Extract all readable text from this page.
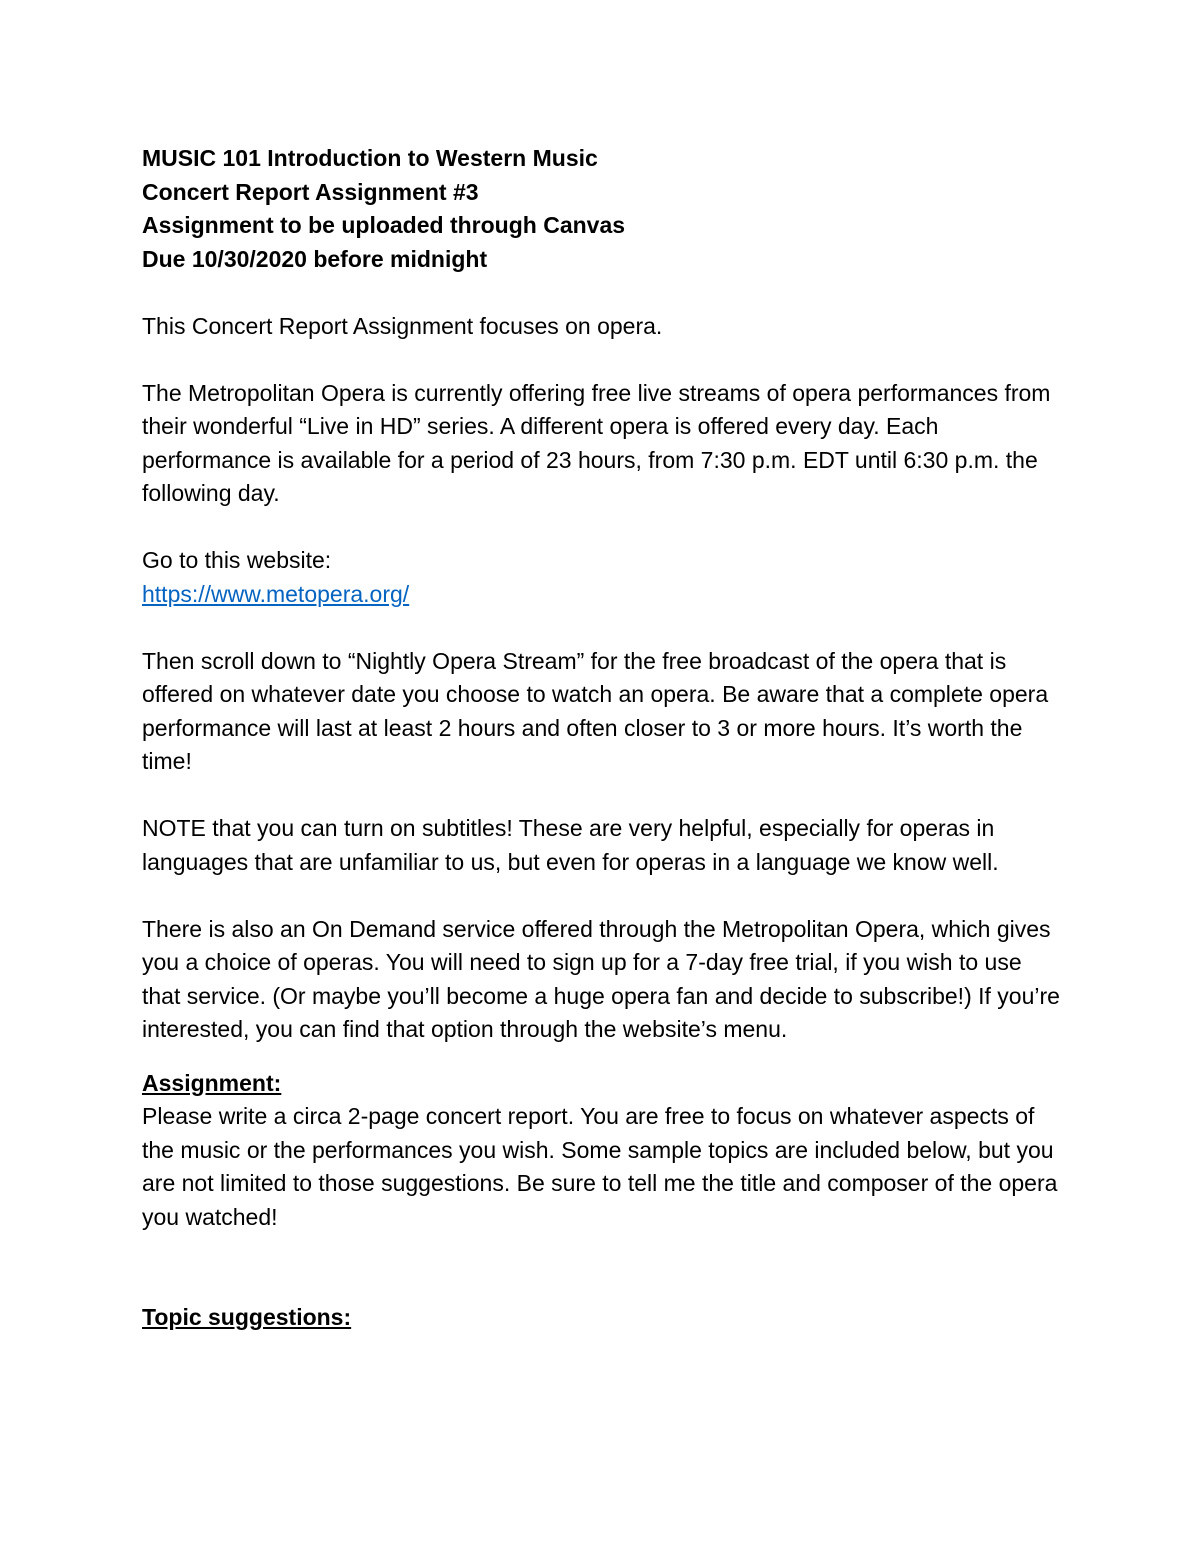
MUSIC 101 Introduction to Western Music

Concert Report Assignment #3

Assignment to be uploaded through Canvas

Due 10/30/2020 before midnight

This Concert Report Assignment focuses on opera.

The Metropolitan Opera is currently offering free live streams of opera performances from their wonderful “Live in HD” series. A different opera is offered every day. Each performance is available for a period of 23 hours, from 7:30 p.m. EDT until 6:30 p.m. the following day.

Go to this website:

https://www.metopera.org/

Then scroll down to “Nightly Opera Stream” for the free broadcast of the opera that is offered on whatever date you choose to watch an opera. Be aware that a complete opera performance will last at least 2 hours and often closer to 3 or more hours. It’s worth the time!

NOTE that you can turn on subtitles! These are very helpful, especially for operas in languages that are unfamiliar to us, but even for operas in a language we know well.

There is also an On Demand service offered through the Metropolitan Opera, which gives you a choice of operas. You will need to sign up for a 7-day free trial, if you wish to use that service. (Or maybe you’ll become a huge opera fan and decide to subscribe!) If you’re interested, you can find that option through the website’s menu.

Assignment:

Please write a circa 2-page concert report. You are free to focus on whatever aspects of the music or the performances you wish. Some sample topics are included below, but you are not limited to those suggestions. Be sure to tell me the title and composer of the opera you watched!

Topic suggestions:
